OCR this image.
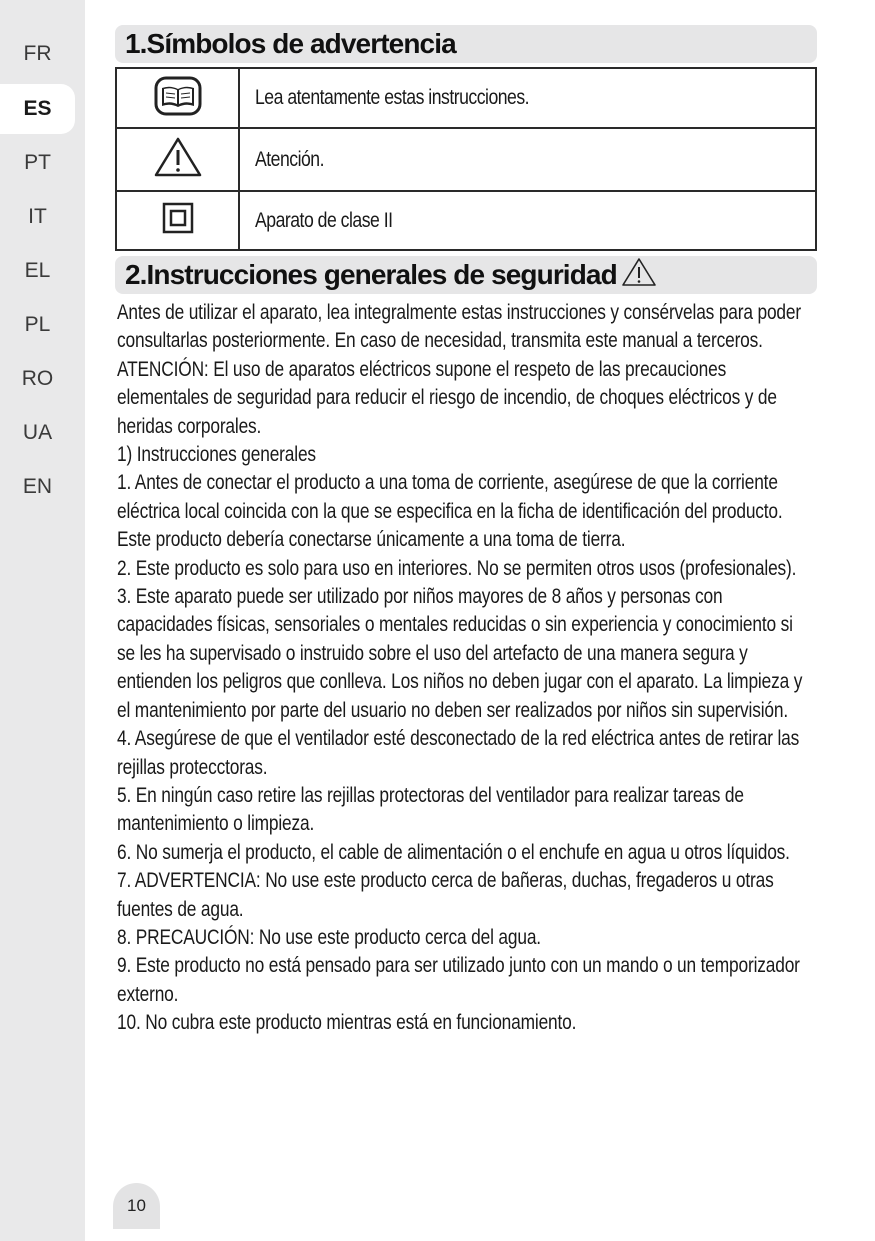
FR
ES
PT
IT
EL
PL
RO
UA
EN
1.Símbolos de advertencia
	Lea atentamente estas instrucciones.
	Atención.
	Aparato de clase II
2.Instrucciones generales de seguridad

Antes de utilizar el aparato, lea integralmente estas instrucciones y consérvelas para poder consultarlas posteriormente. En caso de necesidad, transmita este manual a terceros.

ATENCIÓN: El uso de aparatos eléctricos supone el respeto de las precauciones elementales de seguridad para reducir el riesgo de incendio, de choques eléctricos y de heridas corporales.

1) Instrucciones generales

1. Antes de conectar el producto a una toma de corriente, asegúrese de que la corriente eléctrica local coincida con la que se especifica en la ficha de identificación del producto. Este producto debería conectarse únicamente a una toma de tierra.

2. Este producto es solo para uso en interiores. No se permiten otros usos (profesionales).

3. Este aparato puede ser utilizado por niños mayores de 8 años y personas con capacidades físicas, sensoriales o mentales reducidas o sin experiencia y conocimiento si se les ha supervisado o instruido sobre el uso del artefacto de una manera segura y entienden los peligros que conlleva. Los niños no deben jugar con el aparato. La limpieza y el mantenimiento por parte del usuario no deben ser realizados por niños sin supervisión.

4. Asegúrese de que el ventilador esté desconectado de la red eléctrica antes de retirar las rejillas protecctoras.

5. En ningún caso retire las rejillas protectoras del ventilador para realizar tareas de mantenimiento o limpieza.

6. No sumerja el producto, el cable de alimentación o el enchufe en agua u otros líquidos.

7. ADVERTENCIA: No use este producto cerca de bañeras, duchas, fregaderos u otras fuentes de agua.

8. PRECAUCIÓN: No use este producto cerca del agua.

9. Este producto no está pensado para ser utilizado junto con un mando o un temporizador externo.

10. No cubra este producto mientras está en funcionamiento.

10
